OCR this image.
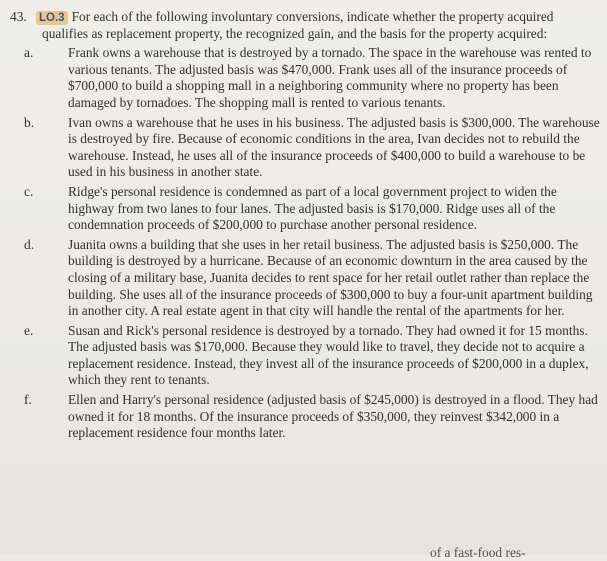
43. LO.3 For each of the following involuntary conversions, indicate whether the property acquired qualifies as replacement property, the recognized gain, and the basis for the property acquired:
a.	Frank owns a warehouse that is destroyed by a tornado. The space in the warehouse was rented to various tenants. The adjusted basis was $470,000. Frank uses all of the insurance proceeds of $700,000 to build a shopping mall in a neighboring community where no property has been damaged by tornadoes. The shopping mall is rented to various tenants.
b.	Ivan owns a warehouse that he uses in his business. The adjusted basis is $300,000. The warehouse is destroyed by fire. Because of economic conditions in the area, Ivan decides not to rebuild the warehouse. Instead, he uses all of the insurance proceeds of $400,000 to build a warehouse to be used in his business in another state.
c.	Ridge's personal residence is condemned as part of a local government project to widen the highway from two lanes to four lanes. The adjusted basis is $170,000. Ridge uses all of the condemnation proceeds of $200,000 to purchase another personal residence.
d.	Juanita owns a building that she uses in her retail business. The adjusted basis is $250,000. The building is destroyed by a hurricane. Because of an economic downturn in the area caused by the closing of a military base, Juanita decides to rent space for her retail outlet rather than replace the building. She uses all of the insurance proceeds of $300,000 to buy a four-unit apartment building in another city. A real estate agent in that city will handle the rental of the apartments for her.
e.	Susan and Rick's personal residence is destroyed by a tornado. They had owned it for 15 months. The adjusted basis was $170,000. Because they would like to travel, they decide not to acquire a replacement residence. Instead, they invest all of the insurance proceeds of $200,000 in a duplex, which they rent to tenants.
f.	Ellen and Harry's personal residence (adjusted basis of $245,000) is destroyed in a flood. They had owned it for 18 months. Of the insurance proceeds of $350,000, they reinvest $342,000 in a replacement residence four months later.
of a fast-food res-
